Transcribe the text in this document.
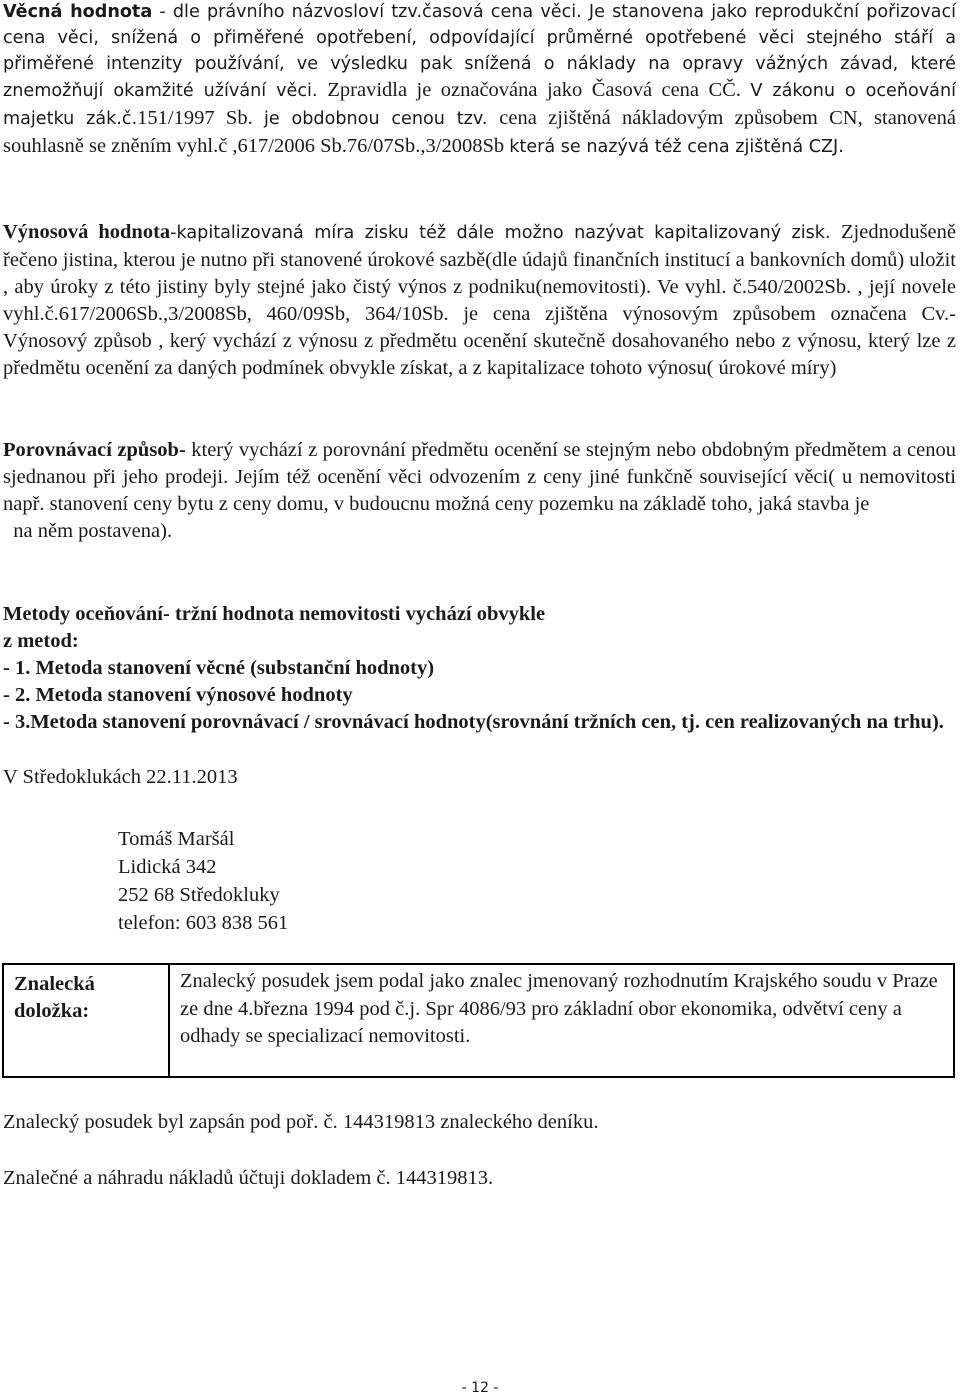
Věcná hodnota - dle právního názvosloví tzv.časová cena věci. Je stanovena jako reprodukční pořizovací cena věci, snížená o přiměřené opotřebení, odpovídající průměrné opotřebené věci stejného stáří a přiměřené intenzity používání, ve výsledku pak snížená o náklady na opravy vážných závad, které znemožňují okamžité užívání věci. Zpravidla je označována jako Časová cena CČ. V zákonu o oceňování majetku zák.č.151/1997 Sb. je obdobnou cenou tzv. cena zjištěná nákladovým způsobem CN, stanovená souhlasně se zněním vyhl.č ,617/2006 Sb.76/07Sb.,3/2008Sb která se nazývá též cena zjištěná CZJ.

Výnosová hodnota-kapitalizovaná míra zisku též dále možno nazývat kapitalizovaný zisk. Zjednodušeně řečeno jistina, kterou je nutno při stanovené úrokové sazbě(dle údajů finančních institucí a bankovních domů) uložit , aby úroky z této jistiny byly stejné jako čistý výnos z podniku(nemovitosti). Ve vyhl. č.540/2002Sb. , její novele vyhl.č.617/2006Sb.,3/2008Sb, 460/09Sb, 364/10Sb. je cena zjištěna výnosovým způsobem označena Cv.- Výnosový způsob , kerý vychází z výnosu z předmětu ocenění skutečně dosahovaného nebo z výnosu, který lze z předmětu ocenění za daných podmínek obvykle získat, a z kapitalizace tohoto výnosu( úrokové míry)

Porovnávací způsob- který vychází z porovnání předmětu ocenění se stejným nebo obdobným předmětem a cenou sjednanou při jeho prodeji. Jejím též ocenění věci odvozením z ceny jiné funkčně související věci( u nemovitosti např. stanovení ceny bytu z ceny domu, v budoucnu možná ceny pozemku na základě toho, jaká stavba je
na něm postavena).

Metody oceňování- tržní hodnota nemovitosti vychází obvykle
z metod:
- 1. Metoda stanovení věcné (substanční hodnoty)
- 2. Metoda stanovení výnosové hodnoty
- 3.Metoda stanovení porovnávací / srovnávací hodnoty(srovnání tržních cen, tj. cen realizovaných na trhu).

V Středoklukách 22.11.2013

Tomáš Maršál
Lidická 342
252 68 Středokluky
telefon: 603 838 561
Znalecká
doložka:
Znalecký posudek jsem podal jako znalec jmenovaný rozhodnutím Krajského soudu v Praze ze dne 4.března 1994 pod č.j. Spr 4086/93 pro základní obor ekonomika, odvětví ceny a odhady se specializací nemovitosti.

Znalecký posudek byl zapsán pod poř. č. 144319813 znaleckého deníku.

Znalečné a náhradu nákladů účtuji dokladem č. 144319813.

- 12 -
